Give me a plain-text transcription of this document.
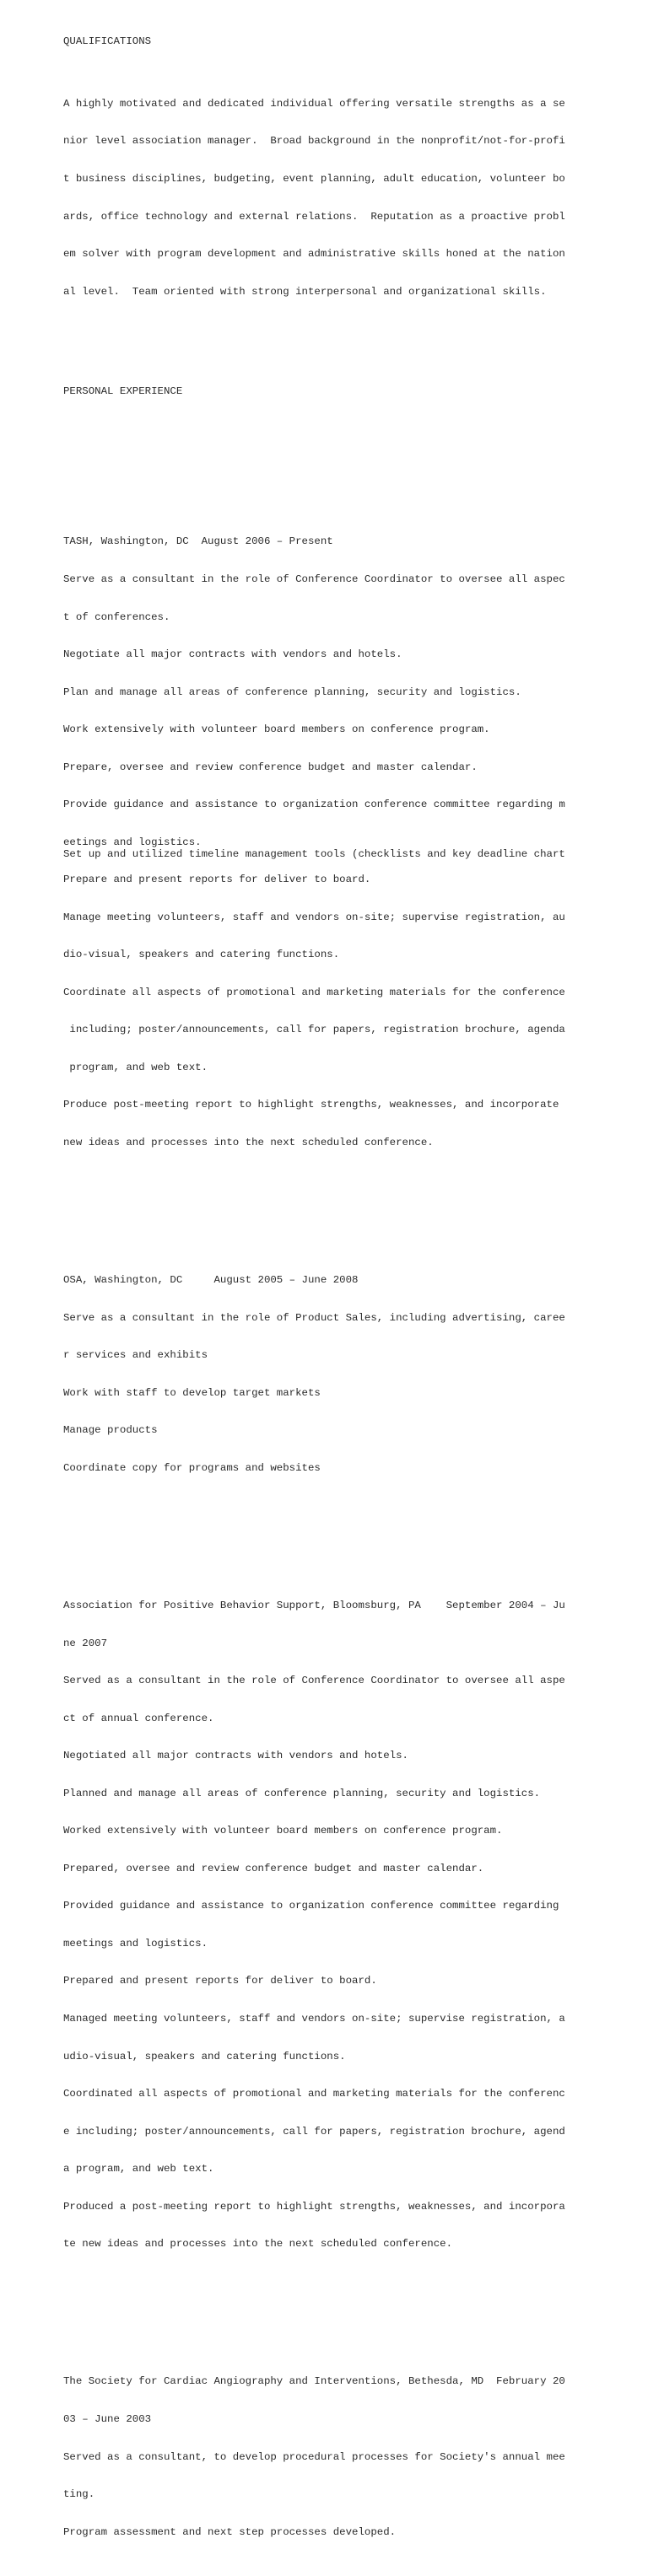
QUALIFICATIONS

A highly motivated and dedicated individual offering versatile strengths as a se

nior level association manager.  Broad background in the nonprofit/not-for-profi

t business disciplines, budgeting, event planning, adult education, volunteer bo

ards, office technology and external relations.  Reputation as a proactive probl

em solver with program development and administrative skills honed at the nation

al level.  Team oriented with strong interpersonal and organizational skills.

PERSONAL EXPERIENCE

TASH, Washington, DC  August 2006 – Present

Serve as a consultant in the role of Conference Coordinator to oversee all aspec

t of conferences.

Negotiate all major contracts with vendors and hotels.

Plan and manage all areas of conference planning, security and logistics.

Work extensively with volunteer board members on conference program.

Prepare, oversee and review conference budget and master calendar.

Provide guidance and assistance to organization conference committee regarding m

eetings and logistics.

Prepare and present reports for deliver to board.

Manage meeting volunteers, staff and vendors on-site; supervise registration, au

dio-visual, speakers and catering functions.

Coordinate all aspects of promotional and marketing materials for the conference

including; poster/announcements, call for papers, registration brochure, agenda

program, and web text.

Produce post-meeting report to highlight strengths, weaknesses, and incorporate

new ideas and processes into the next scheduled conference.

OSA, Washington, DC     August 2005 – June 2008

Serve as a consultant in the role of Product Sales, including advertising, caree

r services and exhibits

Work with staff to develop target markets

Manage products

Coordinate copy for programs and websites

Association for Positive Behavior Support, Bloomsburg, PA    September 2004 – Ju

ne 2007

Served as a consultant in the role of Conference Coordinator to oversee all aspe

ct of annual conference.

Negotiated all major contracts with vendors and hotels.

Planned and manage all areas of conference planning, security and logistics.

Worked extensively with volunteer board members on conference program.

Prepared, oversee and review conference budget and master calendar.

Provided guidance and assistance to organization conference committee regarding

meetings and logistics.

Prepared and present reports for deliver to board.

Managed meeting volunteers, staff and vendors on-site; supervise registration, a

udio-visual, speakers and catering functions.

Coordinated all aspects of promotional and marketing materials for the conferenc

e including; poster/announcements, call for papers, registration brochure, agend

a program, and web text.

Produced a post-meeting report to highlight strengths, weaknesses, and incorpora

te new ideas and processes into the next scheduled conference.

The Society for Cardiac Angiography and Interventions, Bethesda, MD  February 20

03 – June 2003

Served as a consultant, to develop procedural processes for Society's annual mee

ting.

Program assessment and next step processes developed.

Set up and utilized timeline management tools (checklists and key deadline chart
